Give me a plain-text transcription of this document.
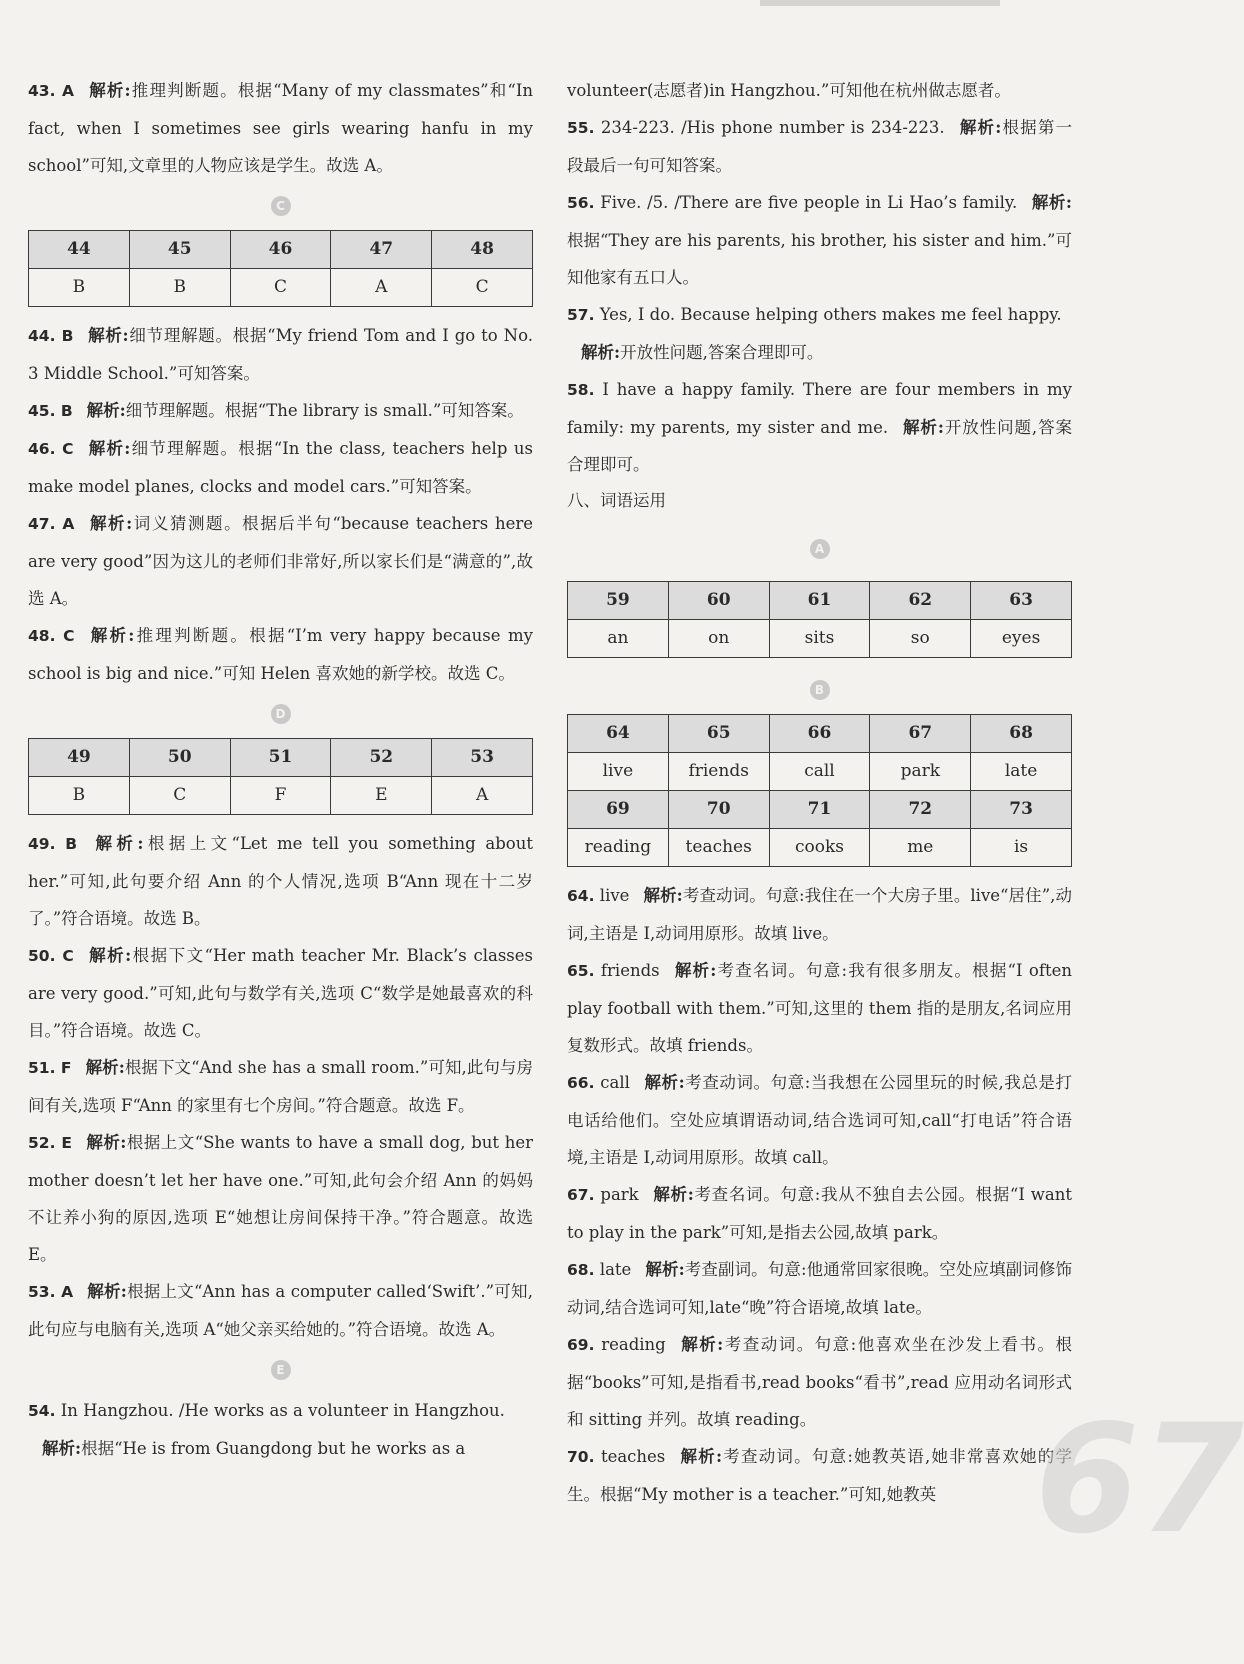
43. A 解析:推理判断题。根据“Many of my classmates”和“In fact, when I sometimes see girls wearing hanfu in my school”可知,文章里的人物应该是学生。故选 A。
C
44	45	46	47	48
B	B	C	A	C
44. B 解析:细节理解题。根据“My friend Tom and I go to No. 3 Middle School.”可知答案。
45. B 解析:细节理解题。根据“The library is small.”可知答案。
46. C 解析:细节理解题。根据“In the class, teachers help us make model planes, clocks and model cars.”可知答案。
47. A 解析:词义猜测题。根据后半句“because teachers here are very good”因为这儿的老师们非常好,所以家长们是“满意的”,故选 A。
48. C 解析:推理判断题。根据“I’m very happy because my school is big and nice.”可知 Helen 喜欢她的新学校。故选 C。
D
49	50	51	52	53
B	C	F	E	A
49. B 解析:根据上文“Let me tell you something about her.”可知,此句要介绍 Ann 的个人情况,选项 B“Ann 现在十二岁了。”符合语境。故选 B。
50. C 解析:根据下文“Her math teacher Mr. Black’s classes are very good.”可知,此句与数学有关,选项 C“数学是她最喜欢的科目。”符合语境。故选 C。
51. F 解析:根据下文“And she has a small room.”可知,此句与房间有关,选项 F“Ann 的家里有七个房间。”符合题意。故选 F。
52. E 解析:根据上文“She wants to have a small dog, but her mother doesn’t let her have one.”可知,此句会介绍 Ann 的妈妈不让养小狗的原因,选项 E“她想让房间保持干净。”符合题意。故选 E。
53. A 解析:根据上文“Ann has a computer called‘Swift’.”可知,此句应与电脑有关,选项 A“她父亲买给她的。”符合语境。故选 A。
E
54. In Hangzhou. /He works as a volunteer in Hangzhou.
解析:根据“He is from Guangdong but he works as a
volunteer(志愿者)in Hangzhou.”可知他在杭州做志愿者。
55. 234-223. /His phone number is 234-223. 解析:根据第一段最后一句可知答案。
56. Five. /5. /There are five people in Li Hao’s family. 解析:根据“They are his parents, his brother, his sister and him.”可知他家有五口人。
57. Yes, I do. Because helping others makes me feel happy.
解析:开放性问题,答案合理即可。
58. I have a happy family. There are four members in my family: my parents, my sister and me. 解析:开放性问题,答案合理即可。
八、词语运用
A
59	60	61	62	63
an	on	sits	so	eyes
B
64	65	66	67	68
live	friends	call	park	late
69	70	71	72	73
reading	teaches	cooks	me	is
64. live 解析:考查动词。句意:我住在一个大房子里。live“居住”,动词,主语是 I,动词用原形。故填 live。
65. friends 解析:考查名词。句意:我有很多朋友。根据“I often play football with them.”可知,这里的 them 指的是朋友,名词应用复数形式。故填 friends。
66. call 解析:考查动词。句意:当我想在公园里玩的时候,我总是打电话给他们。空处应填谓语动词,结合选词可知,call“打电话”符合语境,主语是 I,动词用原形。故填 call。
67. park 解析:考查名词。句意:我从不独自去公园。根据“I want to play in the park”可知,是指去公园,故填 park。
68. late 解析:考查副词。句意:他通常回家很晚。空处应填副词修饰动词,结合选词可知,late“晚”符合语境,故填 late。
69. reading 解析:考查动词。句意:他喜欢坐在沙发上看书。根据“books”可知,是指看书,read books“看书”,read 应用动名词形式和 sitting 并列。故填 reading。
70. teaches 解析:考查动词。句意:她教英语,她非常喜欢她的学生。根据“My mother is a teacher.”可知,她教英 67
